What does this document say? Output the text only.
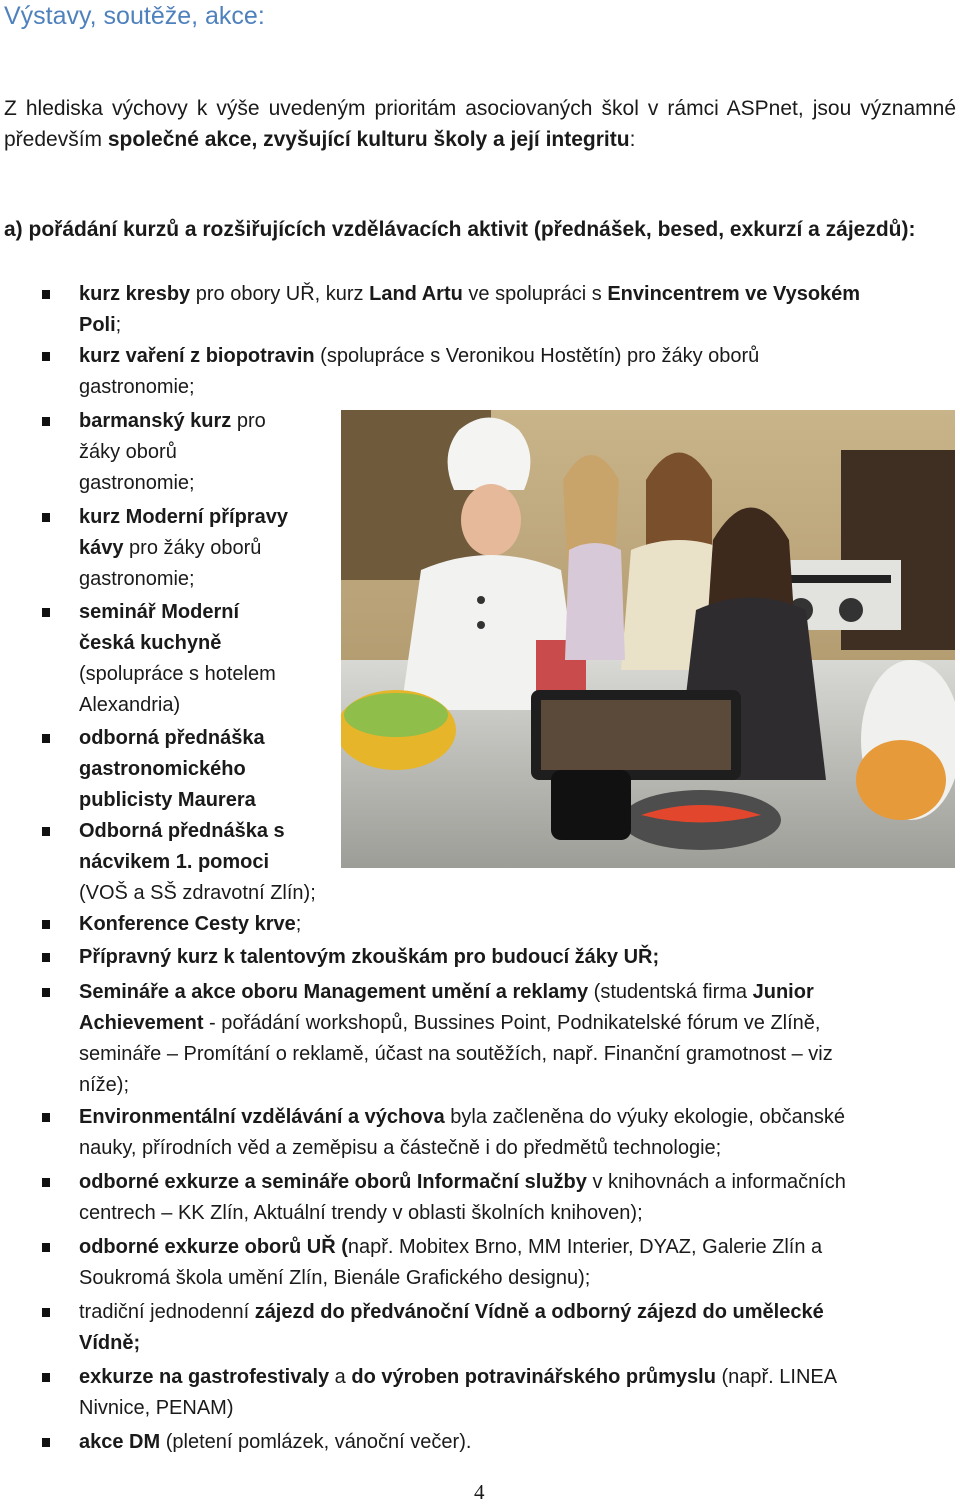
Výstavy, soutěže, akce:

Z hlediska výchovy k výše uvedeným prioritám asociovaných škol v rámci ASPnet, jsou významné především společné akce, zvyšující kulturu školy a její integritu:

a) pořádání kurzů a rozšiřujících vzdělávacích aktivit (přednášek, besed, exkurzí a zájezdů):

kurz kresby pro obory UŘ, kurz Land Artu ve spolupráci s Envincentrem ve Vysokém
Poli;
kurz vaření z biopotravin (spolupráce s Veronikou Hostětín) pro žáky oborů
gastronomie;
barmanský kurz pro
žáky oborů
gastronomie;
kurz Moderní přípravy
kávy pro žáky oborů
gastronomie;
seminář Moderní
česká kuchyně
(spolupráce s hotelem
Alexandria)
odborná přednáška
gastronomického
publicisty Maurera
Odborná přednáška s
nácvikem 1. pomoci
(VOŠ a SŠ zdravotní Zlín);
Konference Cesty krve;
Přípravný kurz k talentovým zkouškám pro budoucí žáky UŘ;
Semináře a akce oboru Management umění a reklamy (studentská firma Junior
Achievement - pořádání workshopů, Bussines Point, Podnikatelské fórum ve Zlíně,
semináře – Promítání o reklamě, účast na soutěžích, např. Finanční gramotnost – viz
níže);
Environmentální vzdělávání a výchova byla začleněna do výuky ekologie, občanské
nauky, přírodních věd a zeměpisu a částečně i do předmětů technologie;
odborné exkurze a semináře oborů Informační služby v knihovnách a informačních
centrech – KK Zlín, Aktuální trendy v oblasti školních knihoven);
odborné exkurze oborů UŘ (např. Mobitex Brno, MM Interier, DYAZ, Galerie Zlín a
Soukromá škola umění Zlín, Bienále Grafického designu);
tradiční jednodenní zájezd do předvánoční Vídně a odborný zájezd do umělecké
Vídně;
exkurze na gastrofestivaly a do výroben potravinářského průmyslu (např. LINEA
Nivnice, PENAM)
akce DM (pletení pomlázek, vánoční večer).
4
